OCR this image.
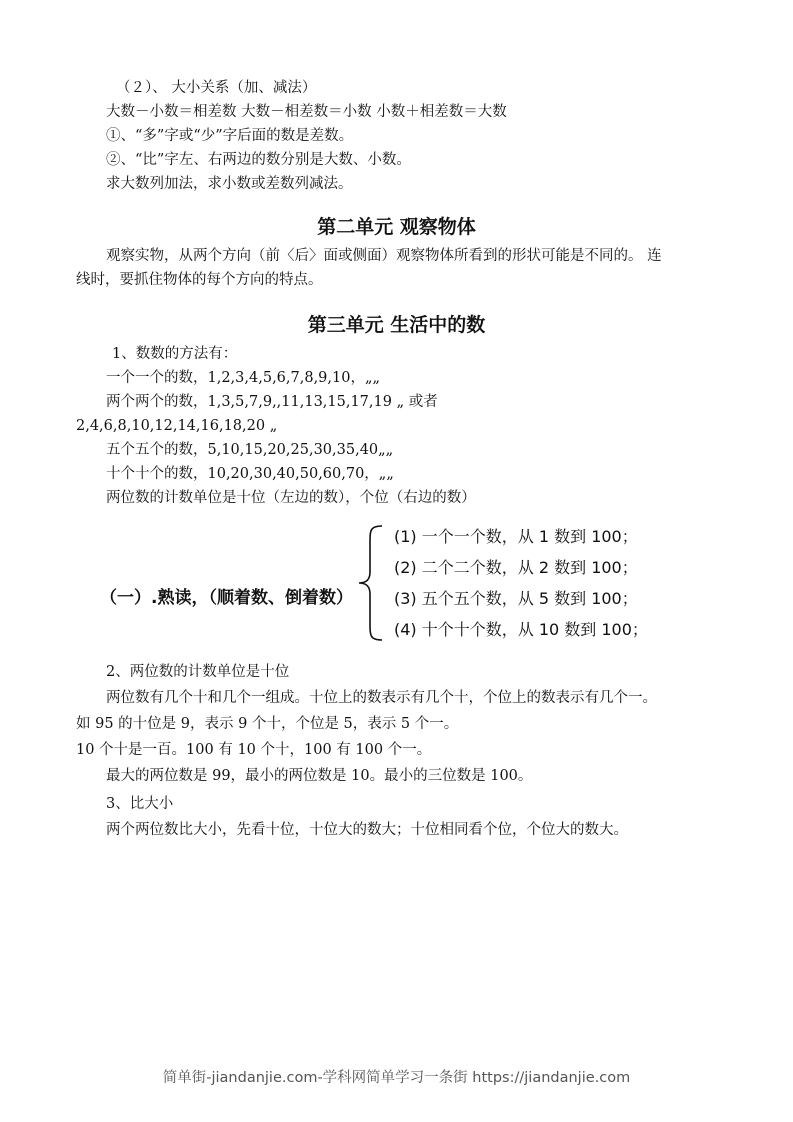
（２）、 大小关系（加、减法）
大数－小数＝相差数 大数－相差数＝小数 小数＋相差数＝大数
①、“多”字或“少”字后面的数是差数。
②、“比”字左、右两边的数分别是大数、小数。
求大数列加法，求小数或差数列减法。
第二单元 观察物体
观察实物，从两个方向（前〈后〉面或侧面）观察物体所看到的形状可能是不同的。 连
线时，要抓住物体的每个方向的特点。
第三单元 生活中的数
1、数数的方法有：
一个一个的数，1,2,3,4,5,6,7,8,9,10，„„
两个两个的数，1,3,5,7,9,,11,13,15,17,19 „ 或者
2,4,6,8,10,12,14,16,18,20 „
五个五个的数，5,10,15,20,25,30,35,40„„
十个十个的数，10,20,30,40,50,60,70，„„
两位数的计数单位是十位（左边的数），个位（右边的数）
（一）.熟读，（顺着数、倒着数）
(1) 一个一个数，从 1 数到 100；
(2) 二个二个数，从 2 数到 100；
(3) 五个五个数，从 5 数到 100；
(4) 十个十个数，从 10 数到 100；
2、两位数的计数单位是十位
两位数有几个十和几个一组成。十位上的数表示有几个十，个位上的数表示有几个一。
如 95 的十位是 9，表示 9 个十，个位是 5，表示 5 个一。
10 个十是一百。100 有 10 个十，100 有 100 个一。
最大的两位数是 99，最小的两位数是 10。最小的三位数是 100。
3、比大小
两个两位数比大小，先看十位，十位大的数大；十位相同看个位，个位大的数大。
简单街-jiandanjie.com-学科网简单学习一条街 https://jiandanjie.com
